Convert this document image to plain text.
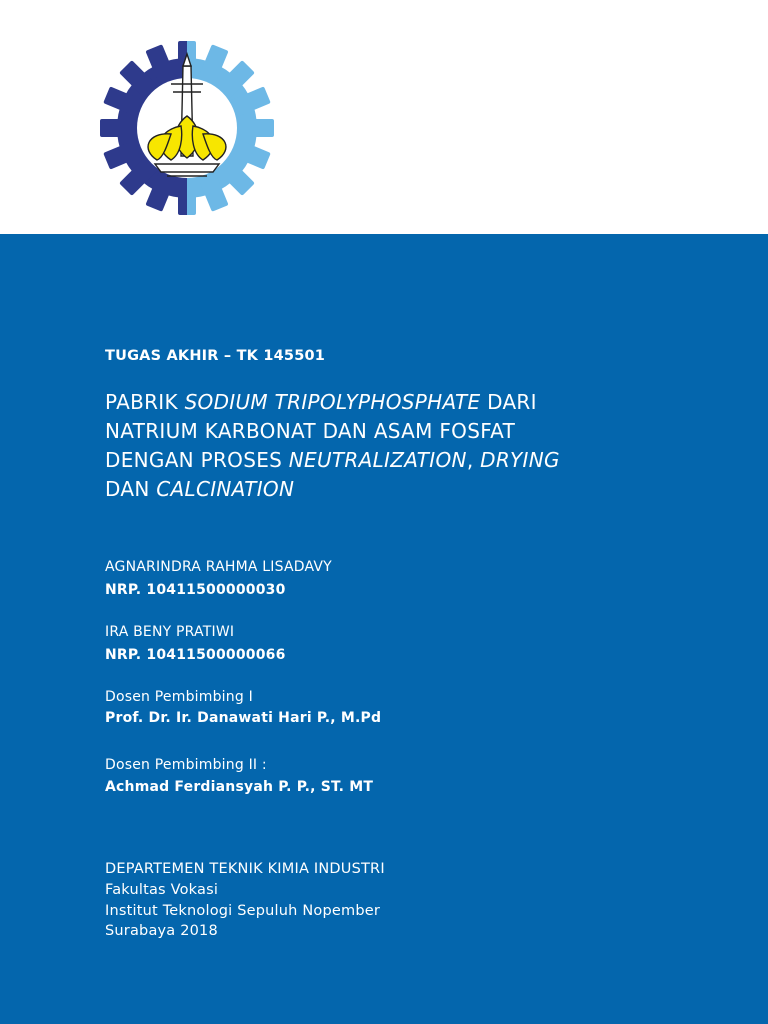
TUGAS AKHIR – TK 145501

PABRIK SODIUM TRIPOLYPHOSPHATE DARI
NATRIUM KARBONAT DAN ASAM FOSFAT
DENGAN PROSES NEUTRALIZATION, DRYING
DAN CALCINATION

AGNARINDRA RAHMA LISADAVY

NRP. 10411500000030

IRA BENY PRATIWI

NRP. 10411500000066

Dosen Pembimbing I

Prof. Dr. Ir. Danawati Hari P., M.Pd

Dosen Pembimbing II :

Achmad Ferdiansyah P. P., ST. MT

DEPARTEMEN TEKNIK KIMIA INDUSTRI

Fakultas Vokasi

Institut Teknologi Sepuluh Nopember

Surabaya 2018
